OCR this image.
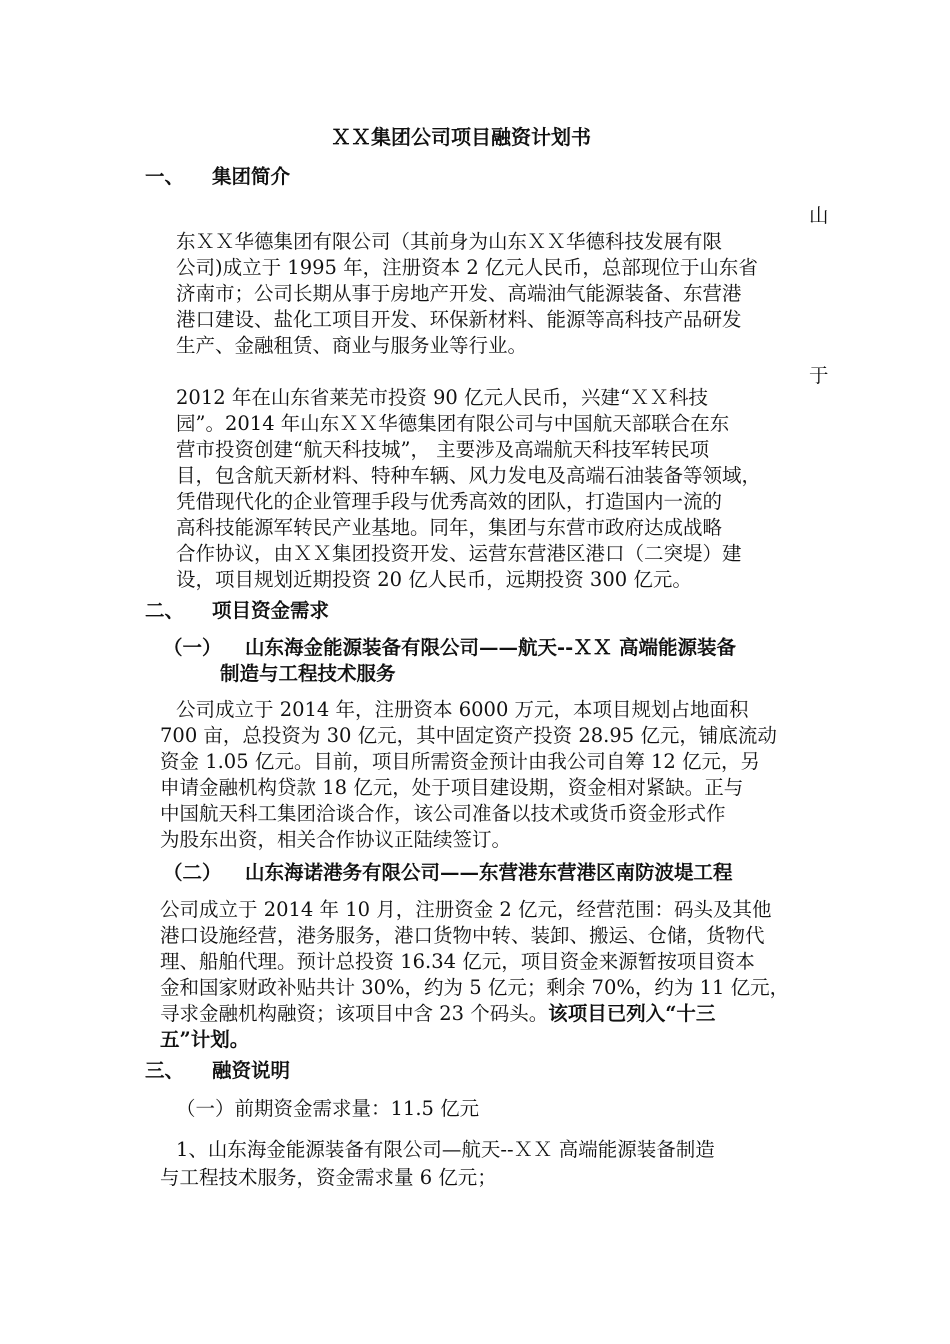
ＸＸ集团公司项目融资计划书
一、 集团简介
山
东ＸＸ华德集团有限公司（其前身为山东ＸＸ华德科技发展有限
公司)成立于 1995 年，注册资本 2 亿元人民币，总部现位于山东省
济南市；公司长期从事于房地产开发、高端油气能源装备、东营港
港口建设、盐化工项目开发、环保新材料、能源等高科技产品研发
生产、金融租赁、商业与服务业等行业。
于
2012 年在山东省莱芜市投资 90 亿元人民币，兴建“ＸＸ科技
园”。2014 年山东ＸＸ华德集团有限公司与中国航天部联合在东
营市投资创建“航天科技城”， 主要涉及高端航天科技军转民项
目，包含航天新材料、特种车辆、风力发电及高端石油装备等领域，
凭借现代化的企业管理手段与优秀高效的团队，打造国内一流的
高科技能源军转民产业基地。同年，集团与东营市政府达成战略
合作协议，由ＸＸ集团投资开发、运营东营港区港口（二突堤）建
设，项目规划近期投资 20 亿人民币，远期投资 300 亿元。
二、 项目资金需求
（一） 山东海金能源装备有限公司——航天--ＸＸ 高端能源装备
制造与工程技术服务
公司成立于 2014 年，注册资本 6000 万元，本项目规划占地面积
700 亩，总投资为 30 亿元，其中固定资产投资 28.95 亿元，铺底流动
资金 1.05 亿元。目前，项目所需资金预计由我公司自筹 12 亿元，另
申请金融机构贷款 18 亿元，处于项目建设期，资金相对紧缺。正与
中国航天科工集团洽谈合作，该公司准备以技术或货币资金形式作
为股东出资，相关合作协议正陆续签订。
（二） 山东海诺港务有限公司——东营港东营港区南防波堤工程
公司成立于 2014 年 10 月，注册资金 2 亿元，经营范围：码头及其他
港口设施经营，港务服务，港口货物中转、装卸、搬运、仓储，货物代
理、船舶代理。预计总投资 16.34 亿元，项目资金来源暂按项目资本
金和国家财政补贴共计 30%，约为 5 亿元；剩余 70%，约为 11 亿元，
寻求金融机构融资；该项目中含 23 个码头。该项目已列入“十三
五”计划。
三、 融资说明
（一）前期资金需求量：11.5 亿元
1、山东海金能源装备有限公司—航天--ＸＸ 高端能源装备制造
与工程技术服务，资金需求量 6 亿元；
